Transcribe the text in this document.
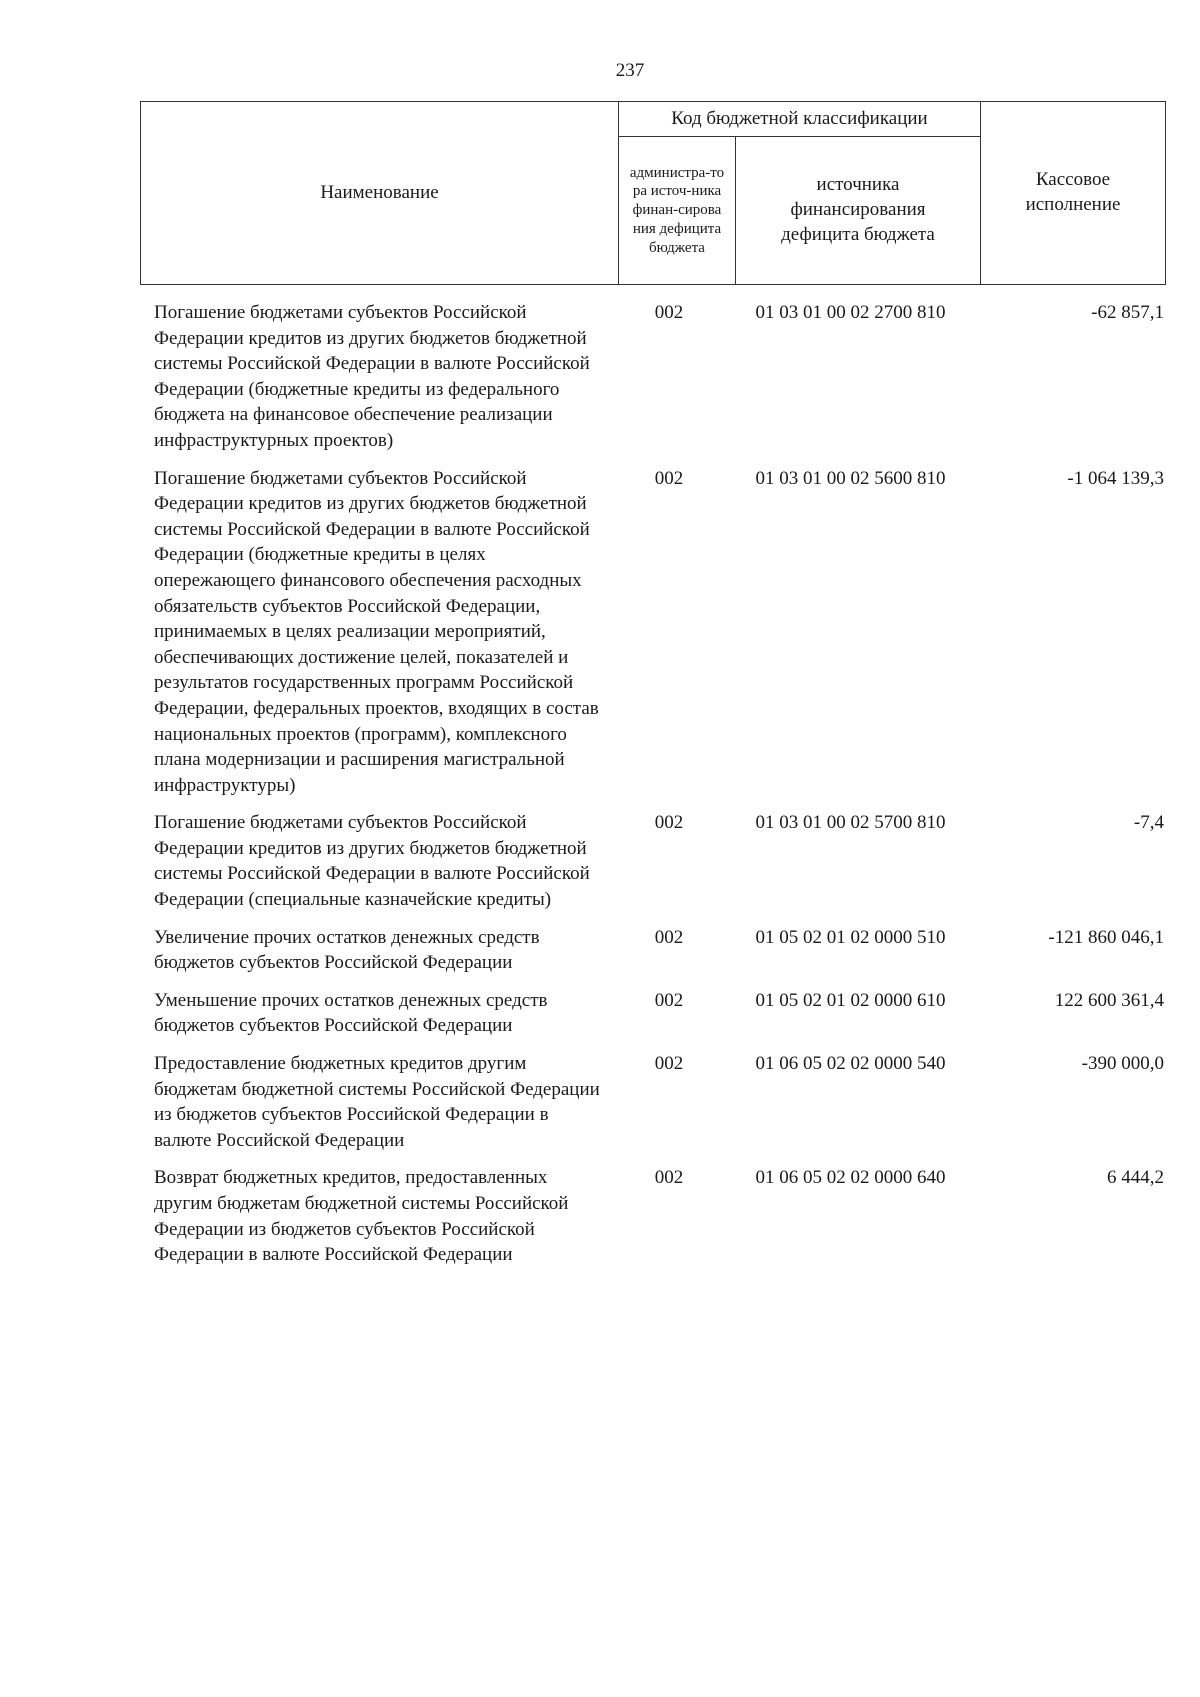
237
Наименование	Код бюджетной классификации		Кассовое исполнение

	администра-тора источ-ника финан-сирования дефицита бюджета	источника финансирования дефицита бюджета	
Погашение бюджетами субъектов Российской Федерации кредитов из других бюджетов бюджетной системы Российской Федерации в валюте Российской Федерации (бюджетные кредиты из федерального бюджета на финансовое обеспечение реализации инфраструктурных проектов)
002	01 03 01 00 02 2700 810	-62 857,1
Погашение бюджетами субъектов Российской Федерации кредитов из других бюджетов бюджетной системы Российской Федерации в валюте Российской Федерации (бюджетные кредиты в целях опережающего финансового обеспечения расходных обязательств субъектов Российской Федерации, принимаемых в целях реализации мероприятий, обеспечивающих достижение целей, показателей и результатов государственных программ Российской Федерации, федеральных проектов, входящих в состав национальных проектов (программ), комплексного плана модернизации и расширения магистральной инфраструктуры)
002	01 03 01 00 02 5600 810	-1 064 139,3
Погашение бюджетами субъектов Российской Федерации кредитов из других бюджетов бюджетной системы Российской Федерации в валюте Российской Федерации (специальные казначейские кредиты)
002	01 03 01 00 02 5700 810	-7,4
Увеличение прочих остатков денежных средств бюджетов субъектов Российской Федерации
002	01 05 02 01 02 0000 510	-121 860 046,1
Уменьшение прочих остатков денежных средств бюджетов субъектов Российской Федерации
002	01 05 02 01 02 0000 610	122 600 361,4
Предоставление бюджетных кредитов другим бюджетам бюджетной системы Российской Федерации из бюджетов субъектов Российской Федерации в валюте Российской Федерации
002	01 06 05 02 02 0000 540	-390 000,0
Возврат бюджетных кредитов, предоставленных другим бюджетам бюджетной системы Российской Федерации из бюджетов субъектов Российской Федерации в валюте Российской Федерации
002	01 06 05 02 02 0000 640	6 444,2
